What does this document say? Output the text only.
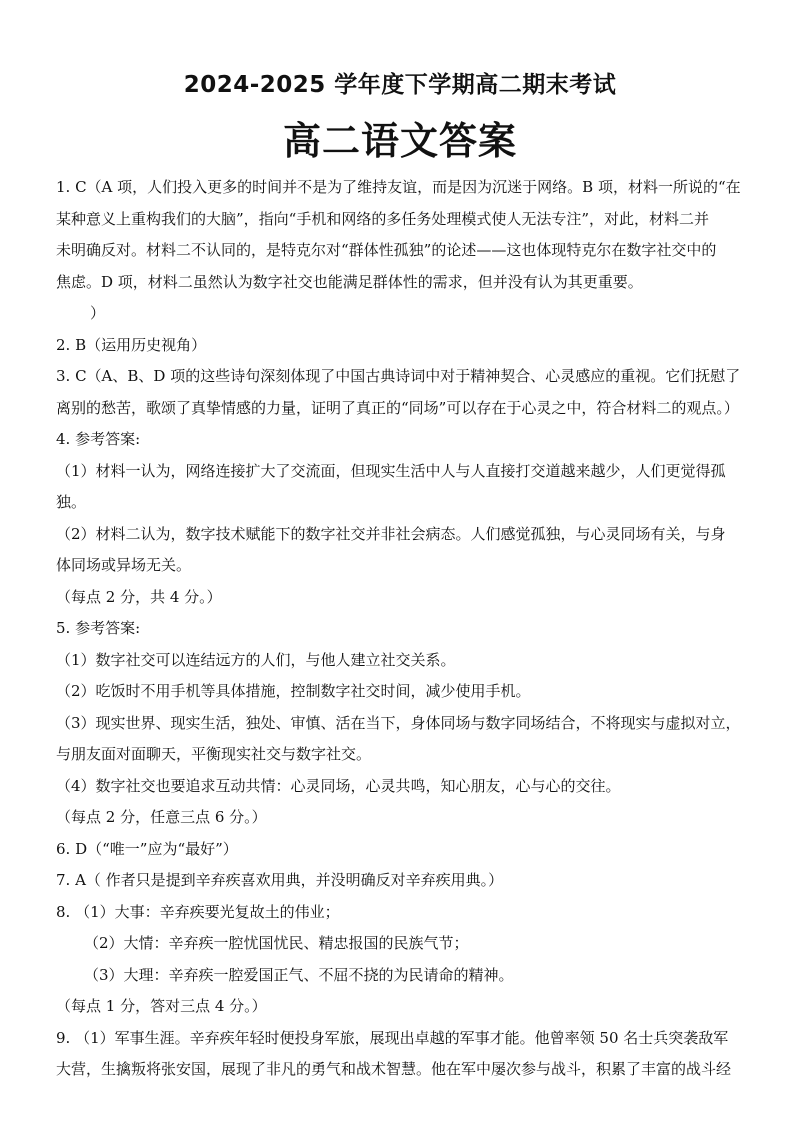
2024-2025 学年度下学期高二期末考试
高二语文答案
1. C（A 项，人们投入更多的时间并不是为了维持友谊，而是因为沉迷于网络。B 项，材料一所说的“在
某种意义上重构我们的大脑”，指向“手机和网络的多任务处理模式使人无法专注”，对此，材料二并
未明确反对。材料二不认同的，是特克尔对“群体性孤独”的论述——这也体现特克尔在数字社交中的
焦虑。D 项，材料二虽然认为数字社交也能满足群体性的需求，但并没有认为其更重要。
）
2. B（运用历史视角）
3. C（A、B、D 项的这些诗句深刻体现了中国古典诗词中对于精神契合、心灵感应的重视。它们抚慰了
离别的愁苦，歌颂了真挚情感的力量，证明了真正的“同场”可以存在于心灵之中，符合材料二的观点。）
4. 参考答案:
（1）材料一认为，网络连接扩大了交流面，但现实生活中人与人直接打交道越来越少，人们更觉得孤
独。
（2）材料二认为，数字技术赋能下的数字社交并非社会病态。人们感觉孤独，与心灵同场有关，与身
体同场或异场无关。
（每点 2 分，共 4 分。）
5. 参考答案:
（1）数字社交可以连结远方的人们，与他人建立社交关系。
（2）吃饭时不用手机等具体措施，控制数字社交时间，减少使用手机。
（3）现实世界、现实生活，独处、审慎、活在当下，身体同场与数字同场结合，不将现实与虚拟对立，
与朋友面对面聊天，平衡现实社交与数字社交。
（4）数字社交也要追求互动共情：心灵同场，心灵共鸣，知心朋友，心与心的交往。
（每点 2 分，任意三点 6 分。）
6. D（“唯一”应为“最好”）
7. A（ 作者只是提到辛弃疾喜欢用典，并没明确反对辛弃疾用典。）
8. （1）大事：辛弃疾要光复故土的伟业；
（2）大情：辛弃疾一腔忧国忧民、精忠报国的民族气节；
（3）大理：辛弃疾一腔爱国正气、不屈不挠的为民请命的精神。
（每点 1 分，答对三点 4 分。）
9. （1）军事生涯。辛弃疾年轻时便投身军旅，展现出卓越的军事才能。他曾率领 50 名士兵突袭敌军
大营，生擒叛将张安国，展现了非凡的勇气和战术智慧。他在军中屡次参与战斗，积累了丰富的战斗经
